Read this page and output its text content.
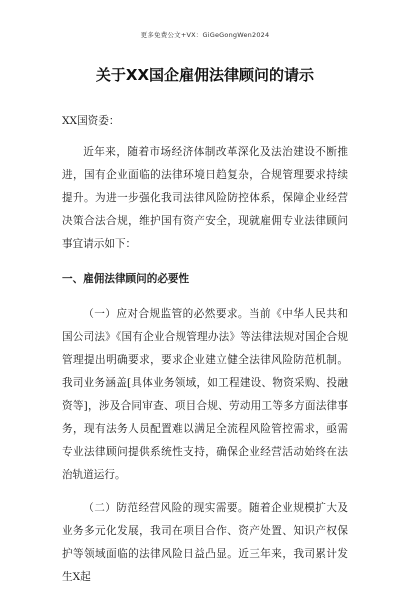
更多免费公文+VX：GiGeGongWen2024
关于XX国企雇佣法律顾问的请示

XX国资委：

近年来，随着市场经济体制改革深化及法治建设不断推进，国有企业面临的法律环境日趋复杂，合规管理要求持续提升。为进一步强化我司法律风险防控体系，保障企业经营决策合法合规，维护国有资产安全，现就雇佣专业法律顾问事宜请示如下：

一、雇佣法律顾问的必要性

（一）应对合规监管的必然要求。当前《中华人民共和国公司法》《国有企业合规管理办法》等法律法规对国企合规管理提出明确要求，要求企业建立健全法律风险防范机制。我司业务涵盖[具体业务领域，如工程建设、物资采购、投融资等]，涉及合同审查、项目合规、劳动用工等多方面法律事务，现有法务人员配置难以满足全流程风险管控需求，亟需专业法律顾问提供系统性支持，确保企业经营活动始终在法治轨道运行。

（二）防范经营风险的现实需要。随着企业规模扩大及业务多元化发展，我司在项目合作、资产处置、知识产权保护等领域面临的法律风险日益凸显。近三年来，我司累计发生X起
